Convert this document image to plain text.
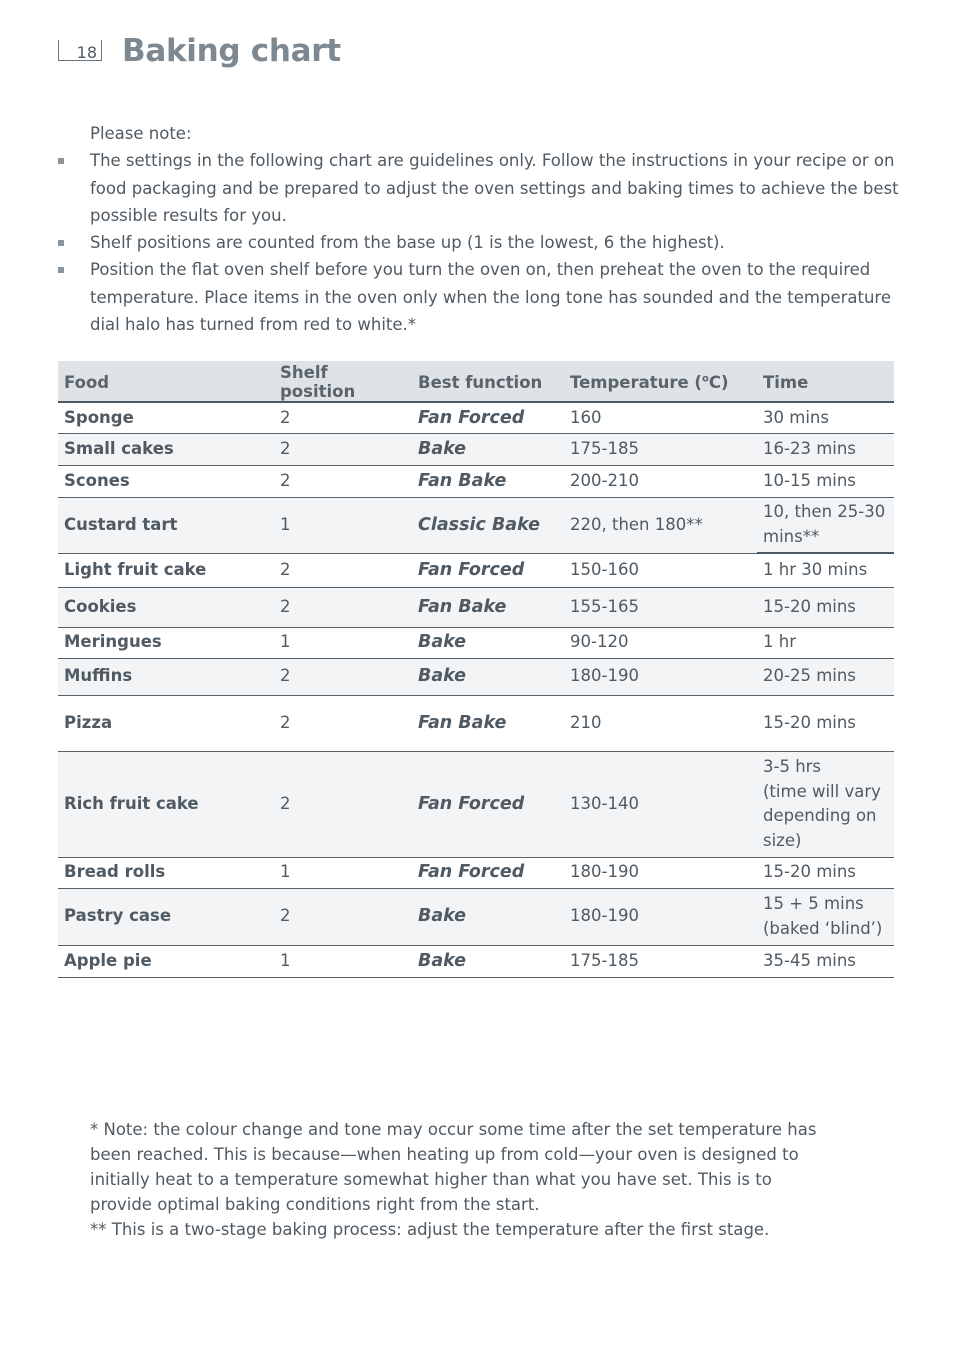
18 Baking chart
Please note:
The settings in the following chart are guidelines only. Follow the instructions in your recipe or on food packaging and be prepared to adjust the oven settings and baking times to achieve the best possible results for you.
Shelf positions are counted from the base up (1 is the lowest, 6 the highest).
Position the flat oven shelf before you turn the oven on, then preheat the oven to the required temperature. Place items in the oven only when the long tone has sounded and the temperature dial halo has turned from red to white.*
Food	Shelf position	Best function	Temperature ($^o$C)	Time
Sponge	2	Fan Forced	160	30 mins
Small cakes	2	Bake	175-185	16-23 mins
Scones	2	Fan Bake	200-210	10-15 mins
Custard tart	1	Classic Bake	220, then 180**	10, then 25-30 mins**
Light fruit cake	2	Fan Forced	150-160	1 hr 30 mins
Cookies	2	Fan Bake	155-165	15-20 mins
Meringues	1	Bake	90-120	1 hr
Muffins	2	Bake	180-190	20-25 mins
Pizza	2	Fan Bake	210	15-20 mins
Rich fruit cake	2	Fan Forced	130-140	3-5 hrs
(time will vary depending on size)
Bread rolls	1	Fan Forced	180-190	15-20 mins
Pastry case	2	Bake	180-190	15 + 5 mins
(baked ‘blind’)
Apple pie	1	Bake	175-185	35-45 mins

* Note: the colour change and tone may occur some time after the set temperature has been reached. This is because—when heating up from cold—your oven is designed to initially heat to a temperature somewhat higher than what you have set. This is to provide optimal baking conditions right from the start.

** This is a two-stage baking process: adjust the temperature after the first stage.
